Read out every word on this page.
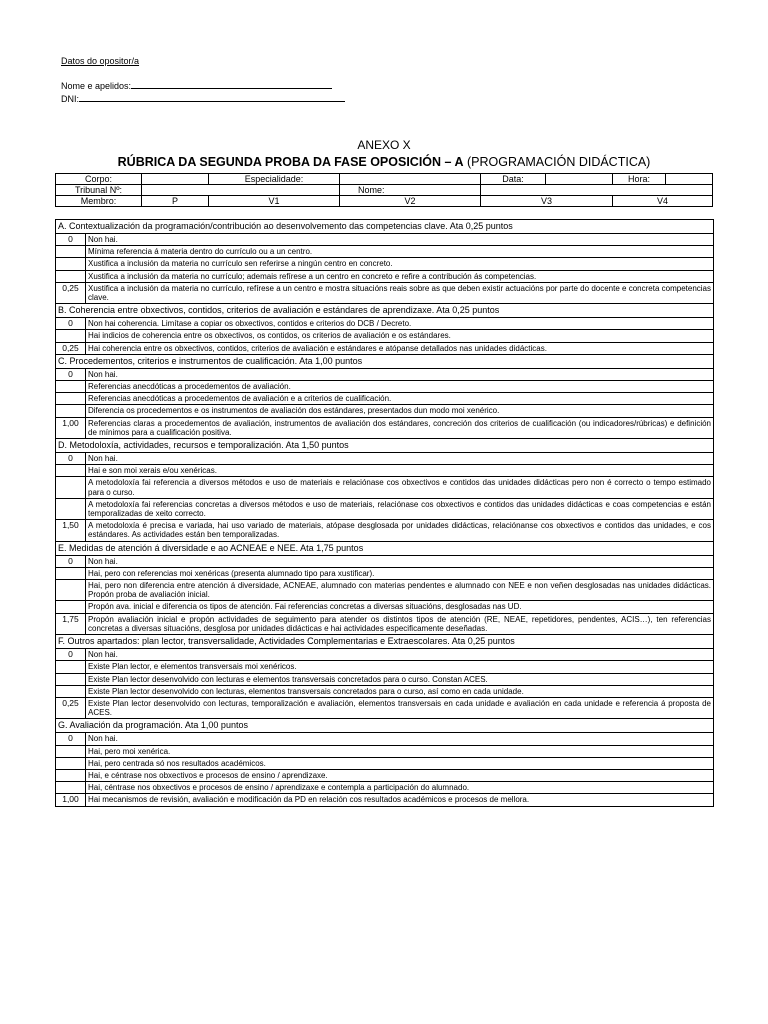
Datos do opositor/a
Nome e apelidos:
DNI:
ANEXO X
RÚBRICA DA SEGUNDA PROBA DA FASE OPOSICIÓN – A (PROGRAMACIÓN DIDÁCTICA)
Corpo:		Especialidade:		Data:		Hora:	
Tribunal Nº:			Nome:				
Membro:	P	V1	V2	V3		V4	
A. Contextualización da programación/contribución ao desenvolvemento das competencias clave. Ata 0,25 puntos	
0	Non hai.
	Mínima referencia á materia dentro do currículo ou a un centro.
	Xustifica a inclusión da materia no currículo sen referirse a ningún centro en concreto.
	Xustifica a inclusión da materia no currículo; ademais refírese a un centro en concreto e refire a contribución ás competencias.
0,25	Xustifica a inclusión da materia no currículo, refírese a un centro e mostra situacións reais sobre as que deben existir actuacións por parte do docente e concreta competencias clave.
B. Coherencia entre obxectivos, contidos, criterios de avaliación e estándares de aprendizaxe. Ata 0,25 puntos	
0	Non hai coherencia. Limítase a copiar os obxectivos, contidos e criterios do DCB / Decreto.
	Hai indicios de coherencia entre os obxectivos, os contidos, os criterios de avaliación e os estándares.
0,25	Hai coherencia entre os obxectivos, contidos, criterios de avaliación e estándares e atópanse detallados nas unidades didácticas.
C. Procedementos, criterios e instrumentos de cualificación. Ata 1,00 puntos	
0	Non hai.
	Referencias anecdóticas a procedementos de avaliación.
	Referencias anecdóticas a procedementos de avaliación e a criterios de cualificación.
	Diferencia os procedementos e os instrumentos de avaliación dos estándares, presentados dun modo moi xenérico.
1,00	Referencias claras a procedementos de avaliación, instrumentos de avaliación dos estándares, concreción dos criterios de cualificación (ou indicadores/rúbricas) e definición de mínimos para a cualificación positiva.
D. Metodoloxía, actividades, recursos e temporalización. Ata 1,50 puntos	
0	Non hai.
	Hai e son moi xerais e/ou xenéricas.
	A metodoloxía fai referencia a diversos métodos e uso de materiais e relaciónase cos obxectivos e contidos das unidades didácticas pero non é correcto o tempo estimado para o curso.
	A metodoloxía fai referencias concretas a diversos métodos e uso de materiais, relaciónase cos obxectivos e contidos das unidades didácticas e coas competencias e están temporalizadas de xeito correcto.
1,50	A metodoloxía é precisa e variada, hai uso variado de materiais, atópase desglosada por unidades didácticas, relaciónanse cos obxectivos e contidos das unidades, e cos estándares. As actividades están ben temporalizadas.
E. Medidas de atención á diversidade e ao ACNEAE e NEE. Ata 1,75 puntos	
0	Non hai.
	Hai, pero con referencias moi xenéricas (presenta alumnado tipo para xustificar).
	Hai, pero non diferencia entre atención á diversidade, ACNEAE, alumnado con materias pendentes e alumnado con NEE e non veñen desglosadas nas unidades didácticas. Propón proba de avaliación inicial.
	Propón ava. inicial e diferencia os tipos de atención. Fai referencias concretas a diversas situacións, desglosadas nas UD.
1,75	Propón avaliación inicial e propón actividades de seguimento para atender os distintos tipos de atención (RE, NEAE, repetidores, pendentes, ACIS…), ten referencias concretas a diversas situacións, desglosa por unidades didácticas e hai actividades especificamente deseñadas.
F. Outros apartados: plan lector, transversalidade, Actividades Complementarias e Extraescolares. Ata 0,25 puntos	
0	Non hai.
	Existe Plan lector, e elementos transversais moi xenéricos.
	Existe Plan lector desenvolvido con lecturas e elementos transversais concretados para o curso. Constan ACES.
	Existe Plan lector desenvolvido con lecturas, elementos transversais concretados para o curso, así como en cada unidade.
0,25	Existe Plan lector desenvolvido con lecturas, temporalización e avaliación, elementos transversais en cada unidade e avaliación en cada unidade e referencia á proposta de ACES.
G. Avaliación da programación. Ata 1,00 puntos	
0	Non hai.
	Hai, pero moi xenérica.
	Hai, pero centrada só nos resultados académicos.
	Hai, e céntrase nos obxectivos e procesos de ensino / aprendizaxe.
	Hai, céntrase nos obxectivos e procesos de ensino / aprendizaxe e contempla a participación do alumnado.
1,00	Hai mecanismos de revisión, avaliación e modificación da PD en relación cos resultados académicos e procesos de mellora.
